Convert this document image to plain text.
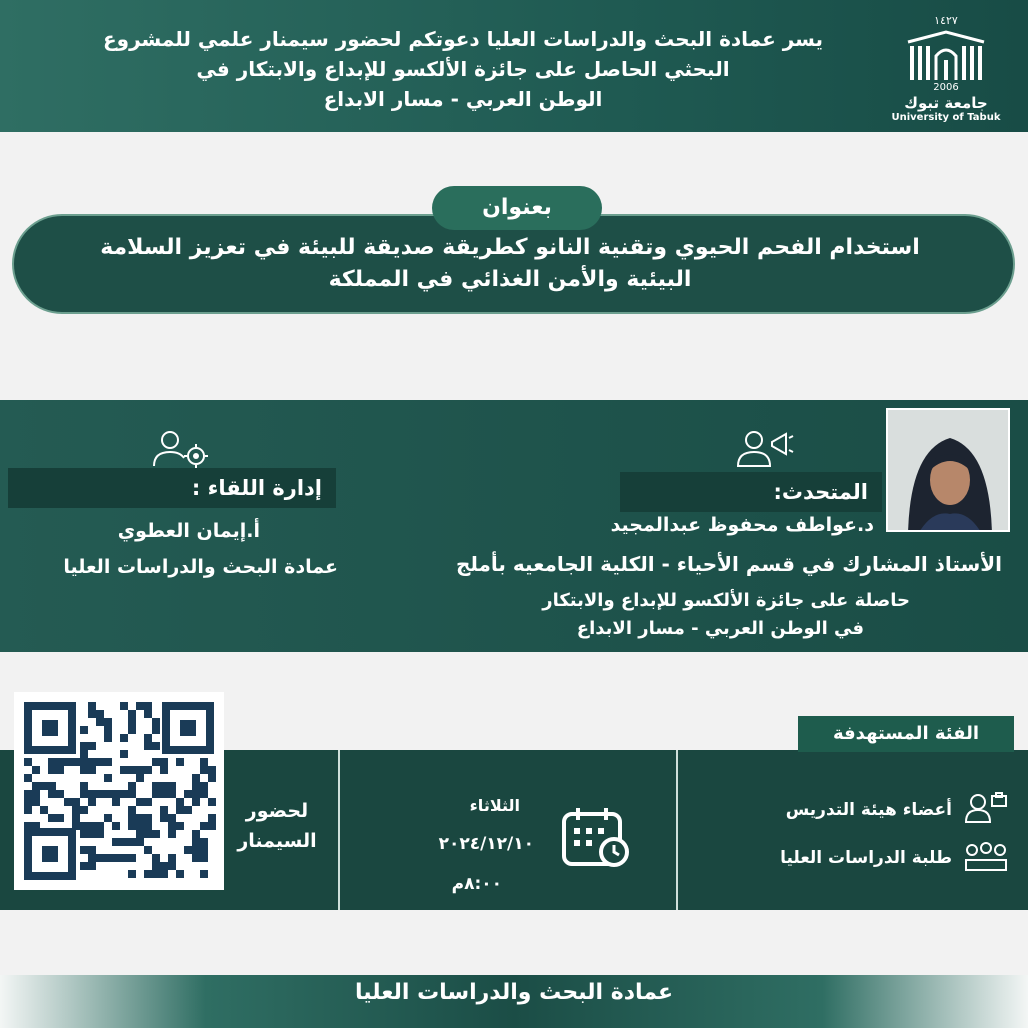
يسر عمادة البحث والدراسات العليا دعوتكم لحضور سيمنار علمي للمشروع
البحثي الحاصل على جائزة الألكسو للإبداع والابتكار في
الوطن العربي - مسار الابداع
١٤٢٧
2006
جامعة تبوك
University of Tabuk
بعنوان
استخدام الفحم الحيوي وتقنية النانو كطريقة صديقة للبيئة في تعزيز السلامة
البيئية والأمن الغذائي في المملكة
المتحدث:
د.عواطف محفوظ عبدالمجيد
الأستاذ المشارك في قسم الأحياء - الكلية الجامعيه بأملج
حاصلة على جائزة الألكسو للإبداع والابتكار
في الوطن العربي - مسار الابداع
إدارة اللقاء :
أ.إيمان العطوي
عمادة البحث والدراسات العليا
الفئة المستهدفة
أعضاء هيئة التدريس
طلبة الدراسات العليا
الثلاثاء
٢٠٢٤/١٢/١٠
٨:٠٠م
لحضور
السيمنار
عمادة البحث والدراسات العليا
